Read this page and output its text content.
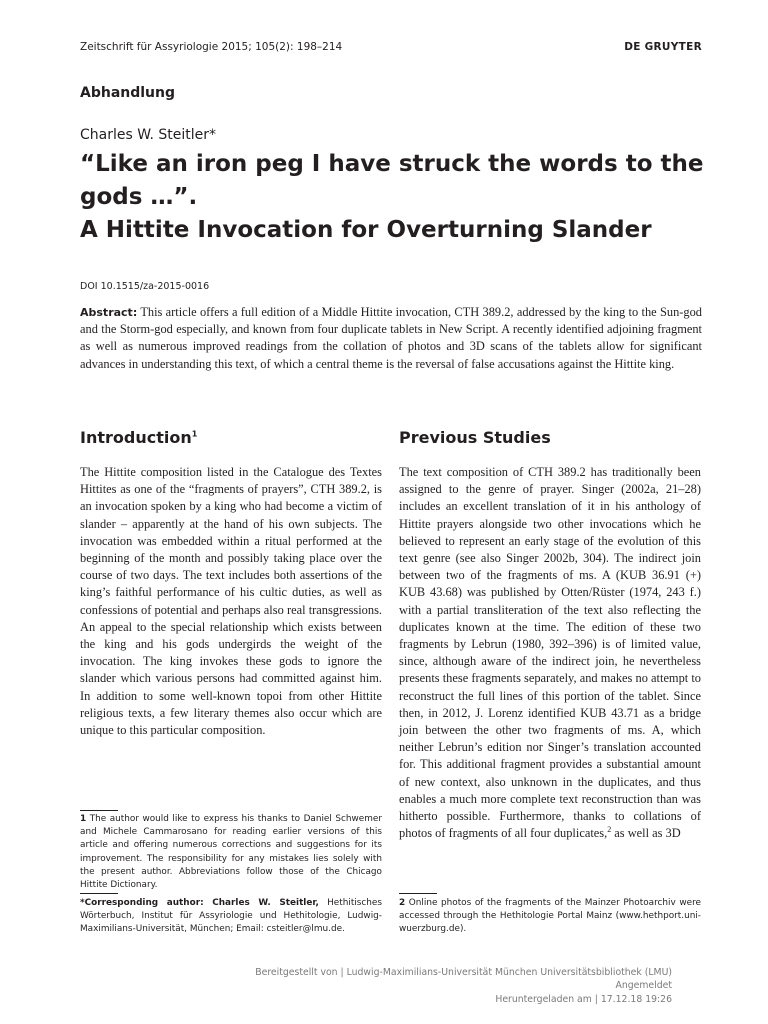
Zeitschrift für Assyriologie 2015; 105(2): 198–214	DE GRUYTER
Abhandlung
Charles W. Steitler*
“Like an iron peg I have struck the words to the
gods …”.
A Hittite Invocation for Overturning Slander
DOI 10.1515/za-2015-0016
Abstract: This article offers a full edition of a Middle Hittite invocation, CTH 389.2, addressed by the king to the Sun-god and the Storm-god especially, and known from four duplicate tablets in New Script. A recently identified adjoining fragment as well as numerous improved readings from the collation of photos and 3D scans of the tablets allow for significant advances in understanding this text, of which a central theme is the reversal of false accusations against the Hittite king.
Introduction$^1$

The Hittite composition listed in the Catalogue des Textes Hittites as one of the “fragments of prayers”, CTH 389.2, is an invocation spoken by a king who had become a victim of slander – apparently at the hand of his own subjects. The invocation was embedded within a ritual performed at the beginning of the month and possibly taking place over the course of two days. The text includes both assertions of the king’s faithful performance of his cultic duties, as well as confessions of potential and perhaps also real transgressions. An appeal to the special relationship which exists between the king and his gods undergirds the weight of the invocation. The king invokes these gods to ignore the slander which various persons had committed against him. In addition to some well-known topoi from other Hittite religious texts, a few literary themes also occur which are unique to this particular composition.

1 The author would like to express his thanks to Daniel Schwemer and Michele Cammarosano for reading earlier versions of this article and offering numerous corrections and suggestions for its improvement. The responsibility for any mistakes lies solely with the present author. Abbreviations follow those of the Chicago Hittite Dictionary.
*Corresponding author: Charles W. Steitler, Hethitisches Wörterbuch, Institut für Assyriologie und Hethitologie, Ludwig-Maximilians-Universität, München; Email: csteitler@lmu.de.
Previous Studies

The text composition of CTH 389.2 has traditionally been assigned to the genre of prayer. Singer (2002a, 21–28) includes an excellent translation of it in his anthology of Hittite prayers alongside two other invocations which he believed to represent an early stage of the evolution of this text genre (see also Singer 2002b, 304). The indirect join between two of the fragments of ms. A (KUB 36.91 (+) KUB 43.68) was published by Otten/Rüster (1974, 243 f.) with a partial transliteration of the text also reflecting the duplicates known at the time. The edition of these two fragments by Lebrun (1980, 392–396) is of limited value, since, although aware of the indirect join, he nevertheless presents these fragments separately, and makes no attempt to reconstruct the full lines of this portion of the tablet. Since then, in 2012, J. Lorenz identified KUB 43.71 as a bridge join between the other two fragments of ms. A, which neither Lebrun’s edition nor Singer’s translation accounted for. This additional fragment provides a substantial amount of new context, also unknown in the duplicates, and thus enables a much more complete text reconstruction than was hitherto possible. Furthermore, thanks to collations of photos of fragments of all four duplicates,$^2$ as well as 3D

2 Online photos of the fragments of the Mainzer Photoarchiv were accessed through the Hethitologie Portal Mainz (www.hethport.uni-wuerzburg.de).
Bereitgestellt von | Ludwig-Maximilians-Universität München Universitätsbibliothek (LMU)
Angemeldet
Heruntergeladen am | 17.12.18 19:26
